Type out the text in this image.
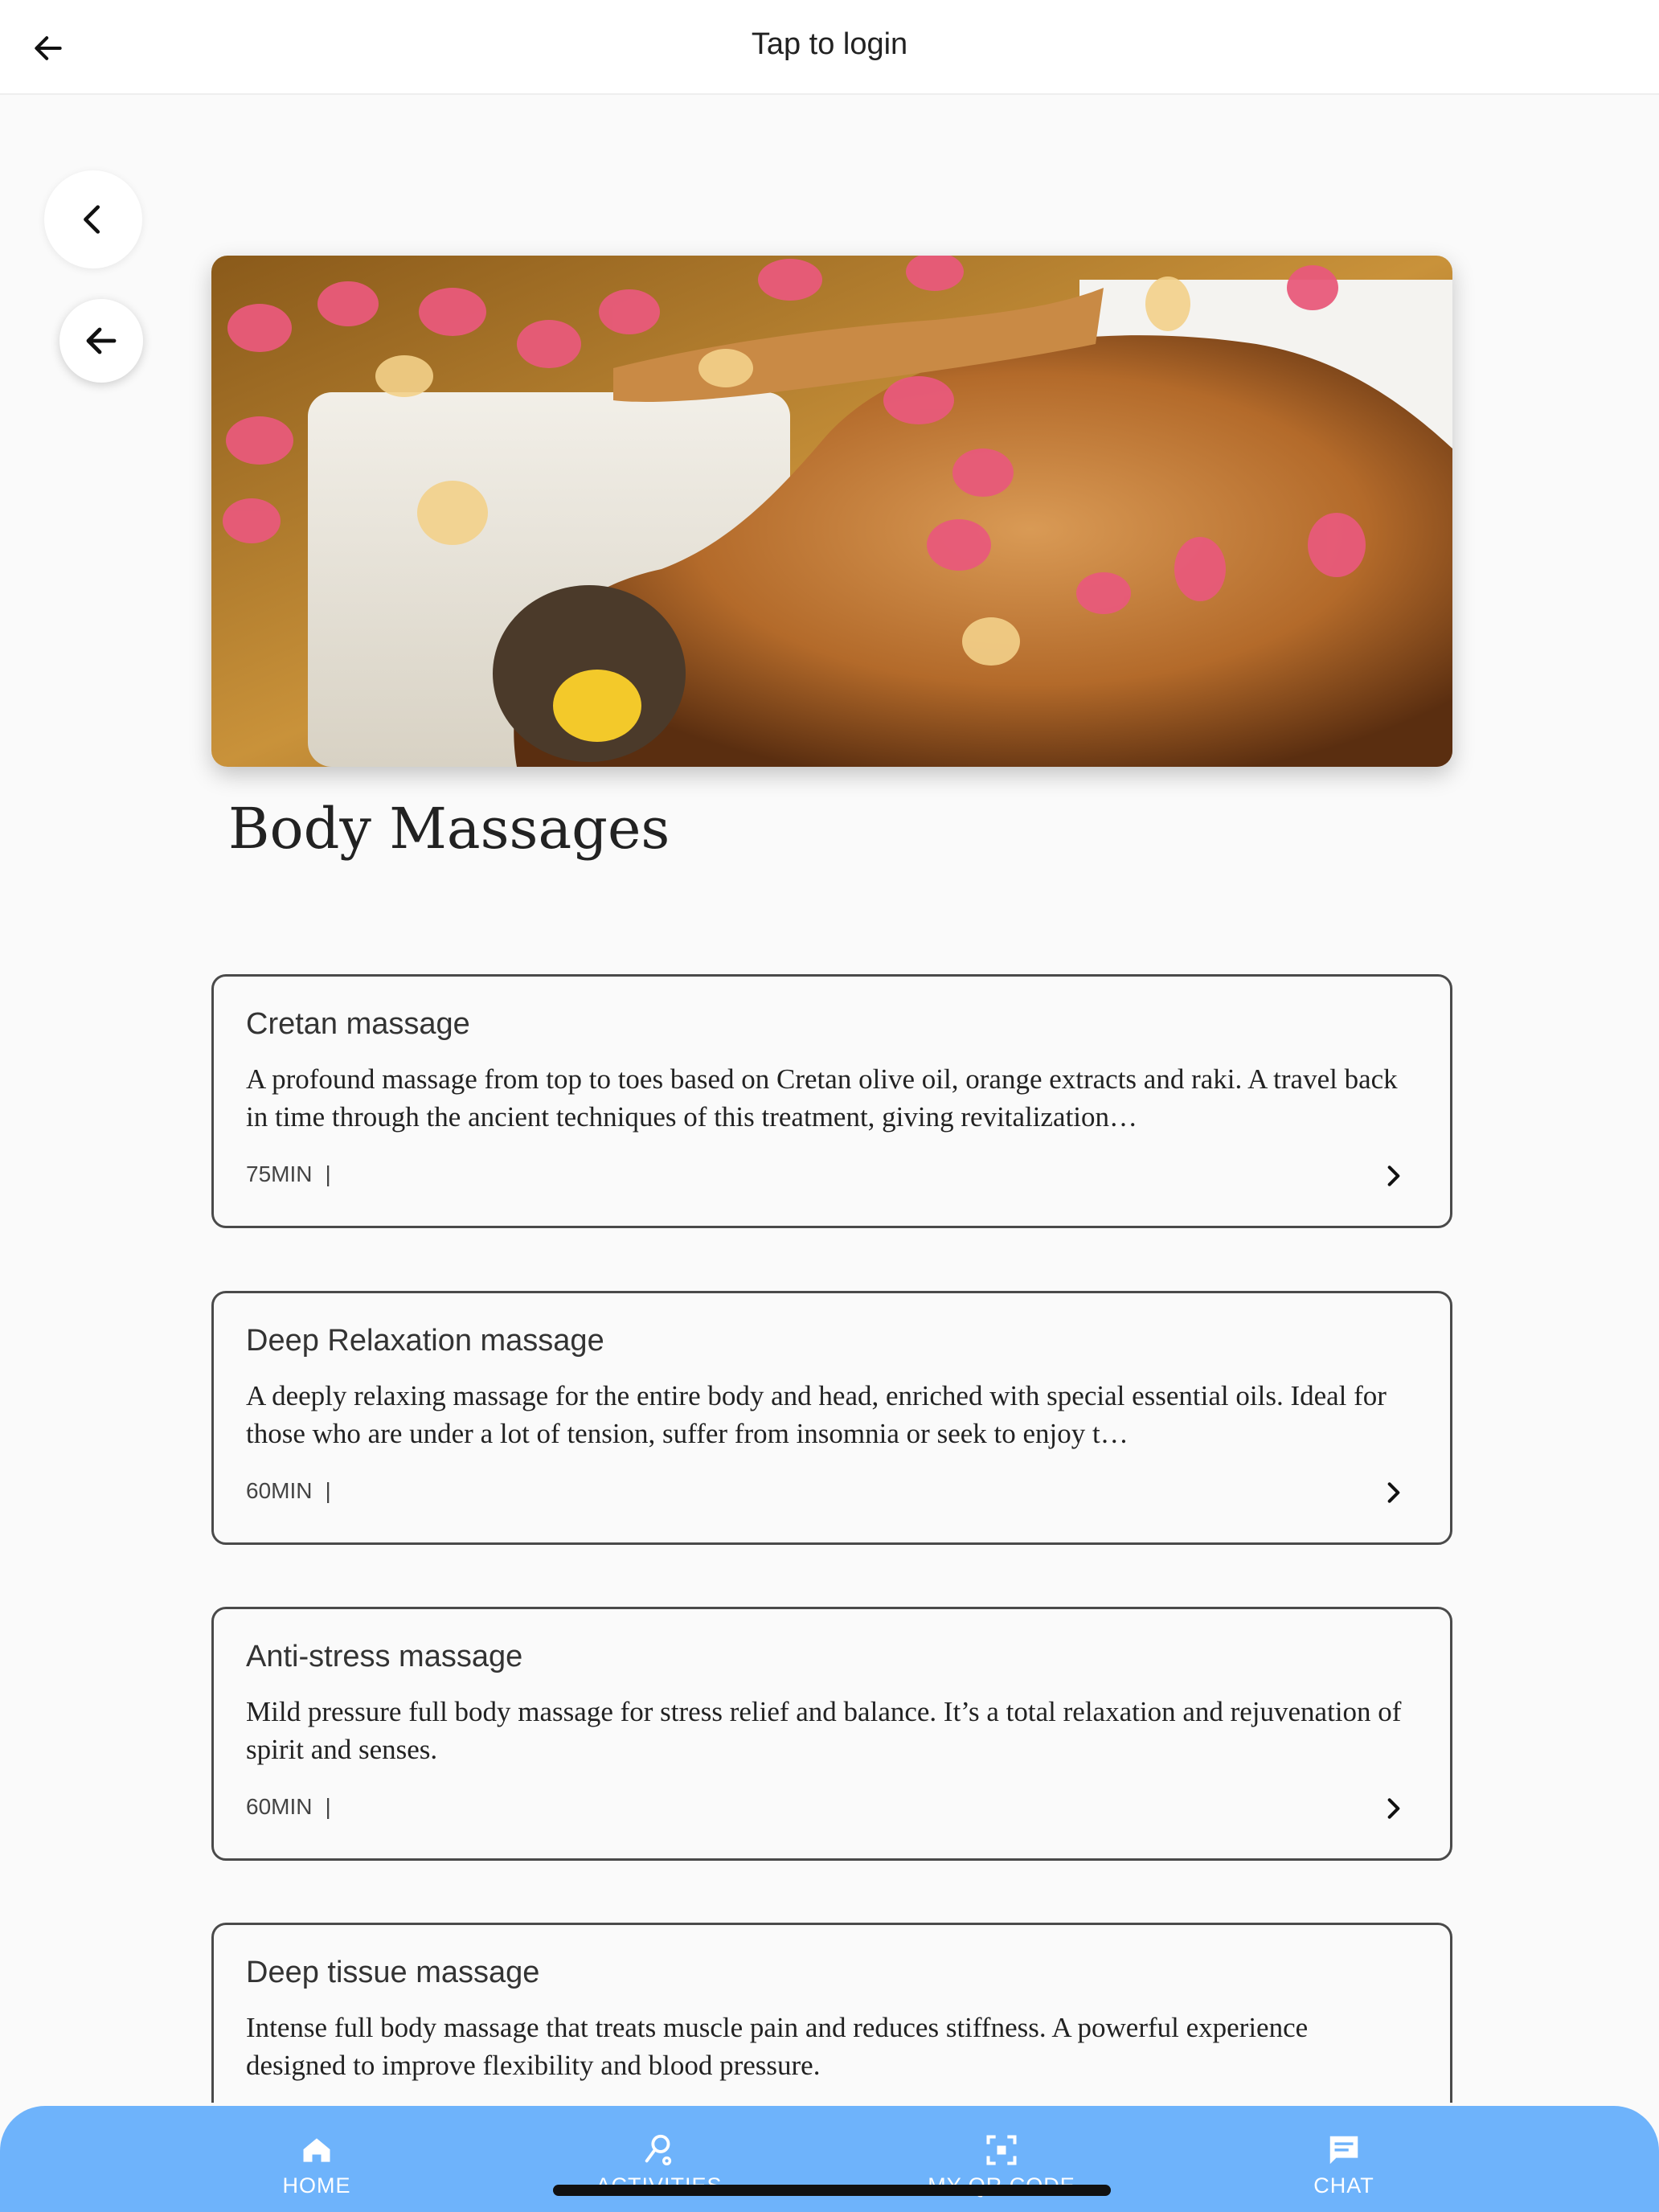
Tap to login
Body Massages
Cretan massage
A profound massage from top to toes based on Cretan olive oil, orange extracts and raki. A travel back in time through the ancient techniques of this treatment, giving revitalization…
75MIN |
Deep Relaxation massage
A deeply relaxing massage for the entire body and head, enriched with special essential oils. Ideal for those who are under a lot of tension, suffer from insomnia or seek to enjoy t…
60MIN |
Anti-stress massage
Mild pressure full body massage for stress relief and balance. It’s a total relaxation and rejuvenation of spirit and senses.
60MIN |
Deep tissue massage
Intense full body massage that treats muscle pain and reduces stiffness. A powerful experience designed to improve flexibility and blood pressure.
HOME	CHAT
